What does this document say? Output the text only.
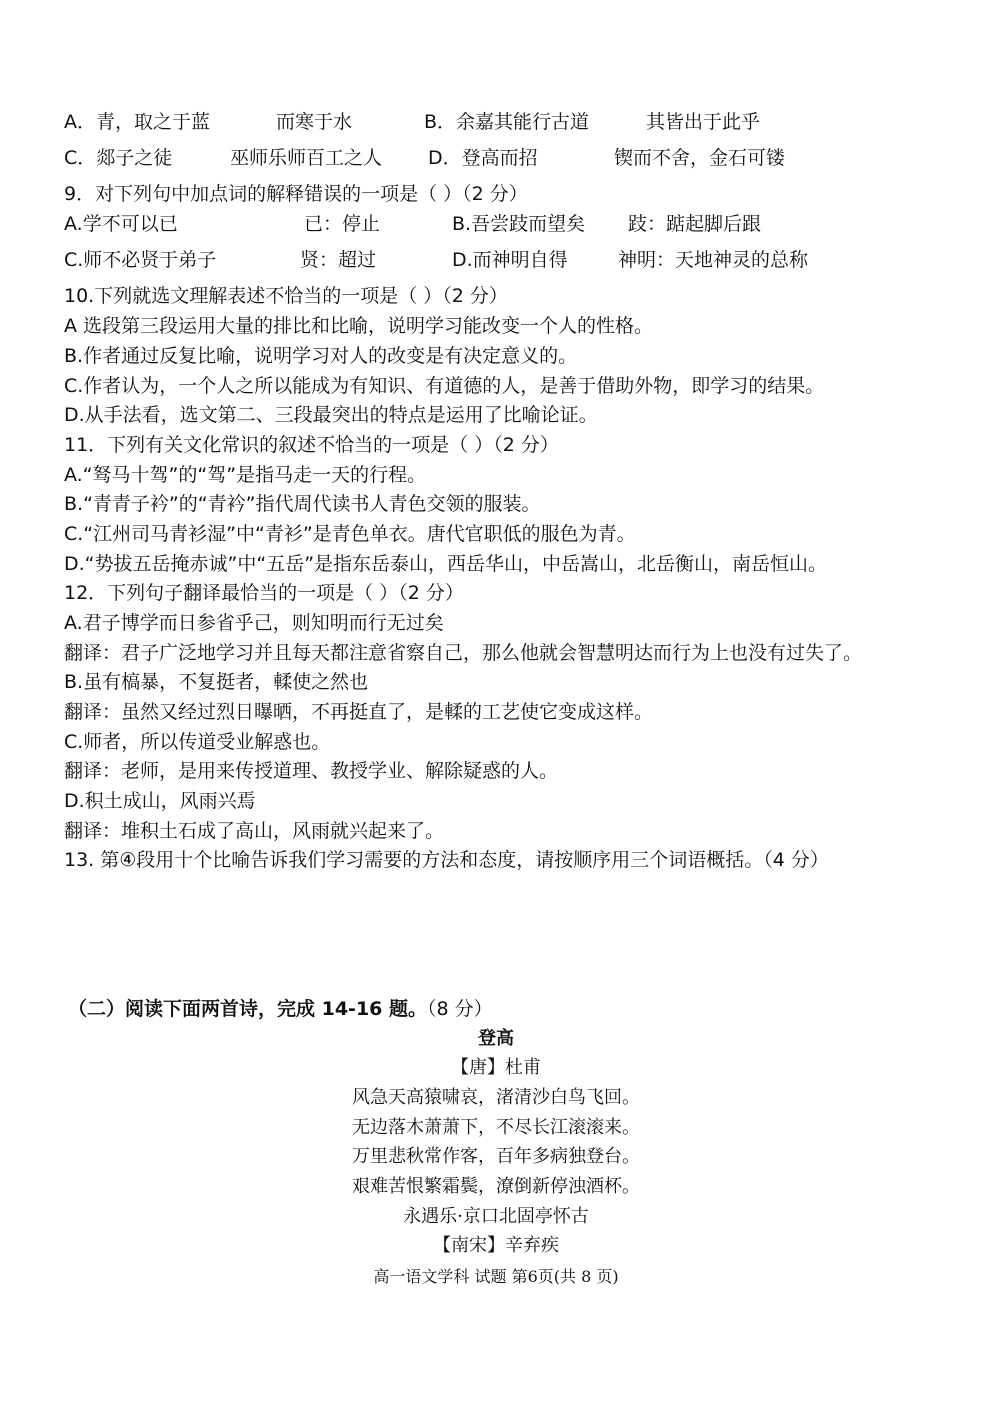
A．青，取之于蓝	而寒于水	B．余嘉其能行古道	其皆出于此乎
C．郯子之徒	巫师乐师百工之人 D．登高而招	锲而不舍，金石可镂
9．对下列句中加点词的解释错误的一项是（ ）（2 分）
A.学不可以已	已：停止	B.吾尝跂而望矣 跂：踮起脚后跟
C.师不必贤于弟子	贤：超过	D.而神明自得	神明：天地神灵的总称
10.下列就选文理解表述不恰当的一项是（ ）（2 分）
A 选段第三段运用大量的排比和比喻，说明学习能改变一个人的性格。
B.作者通过反复比喻，说明学习对人的改变是有决定意义的。
C.作者认为，一个人之所以能成为有知识、有道德的人，是善于借助外物，即学习的结果。
D.从手法看，选文第二、三段最突出的特点是运用了比喻论证。
11．下列有关文化常识的叙述不恰当的一项是（ ）（2 分）
A.“驽马十驾”的“驾”是指马走一天的行程。
B.“青青子衿”的“青衿”指代周代读书人青色交领的服装。
C.“江州司马青衫湿”中“青衫”是青色单衣。唐代官职低的服色为青。
D.“势拔五岳掩赤诚”中“五岳”是指东岳泰山，西岳华山，中岳嵩山，北岳衡山，南岳恒山。
12．下列句子翻译最恰当的一项是（ ）（2 分）
A.君子博学而日参省乎己，则知明而行无过矣
翻译：君子广泛地学习并且每天都注意省察自己，那么他就会智慧明达而行为上也没有过失了。
B.虽有槁暴，不复挺者，輮使之然也
翻译：虽然又经过烈日曝晒，不再挺直了，是輮的工艺使它变成这样。
C.师者，所以传道受业解惑也。
翻译：老师，是用来传授道理、教授学业、解除疑惑的人。
D.积土成山，风雨兴焉
翻译：堆积土石成了高山，风雨就兴起来了。
13. 第④段用十个比喻告诉我们学习需要的方法和态度，请按顺序用三个词语概括。（4 分）
（二）阅读下面两首诗，完成 14-16 题。（8 分）
登高
【唐】杜甫
风急天高猿啸哀，渚清沙白鸟飞回。
无边落木萧萧下，不尽长江滚滚来。
万里悲秋常作客，百年多病独登台。
艰难苦恨繁霜鬓，潦倒新停浊酒杯。
永遇乐·京口北固亭怀古
【南宋】辛弃疾
高一语文学科 试题 第6页(共 8 页)
